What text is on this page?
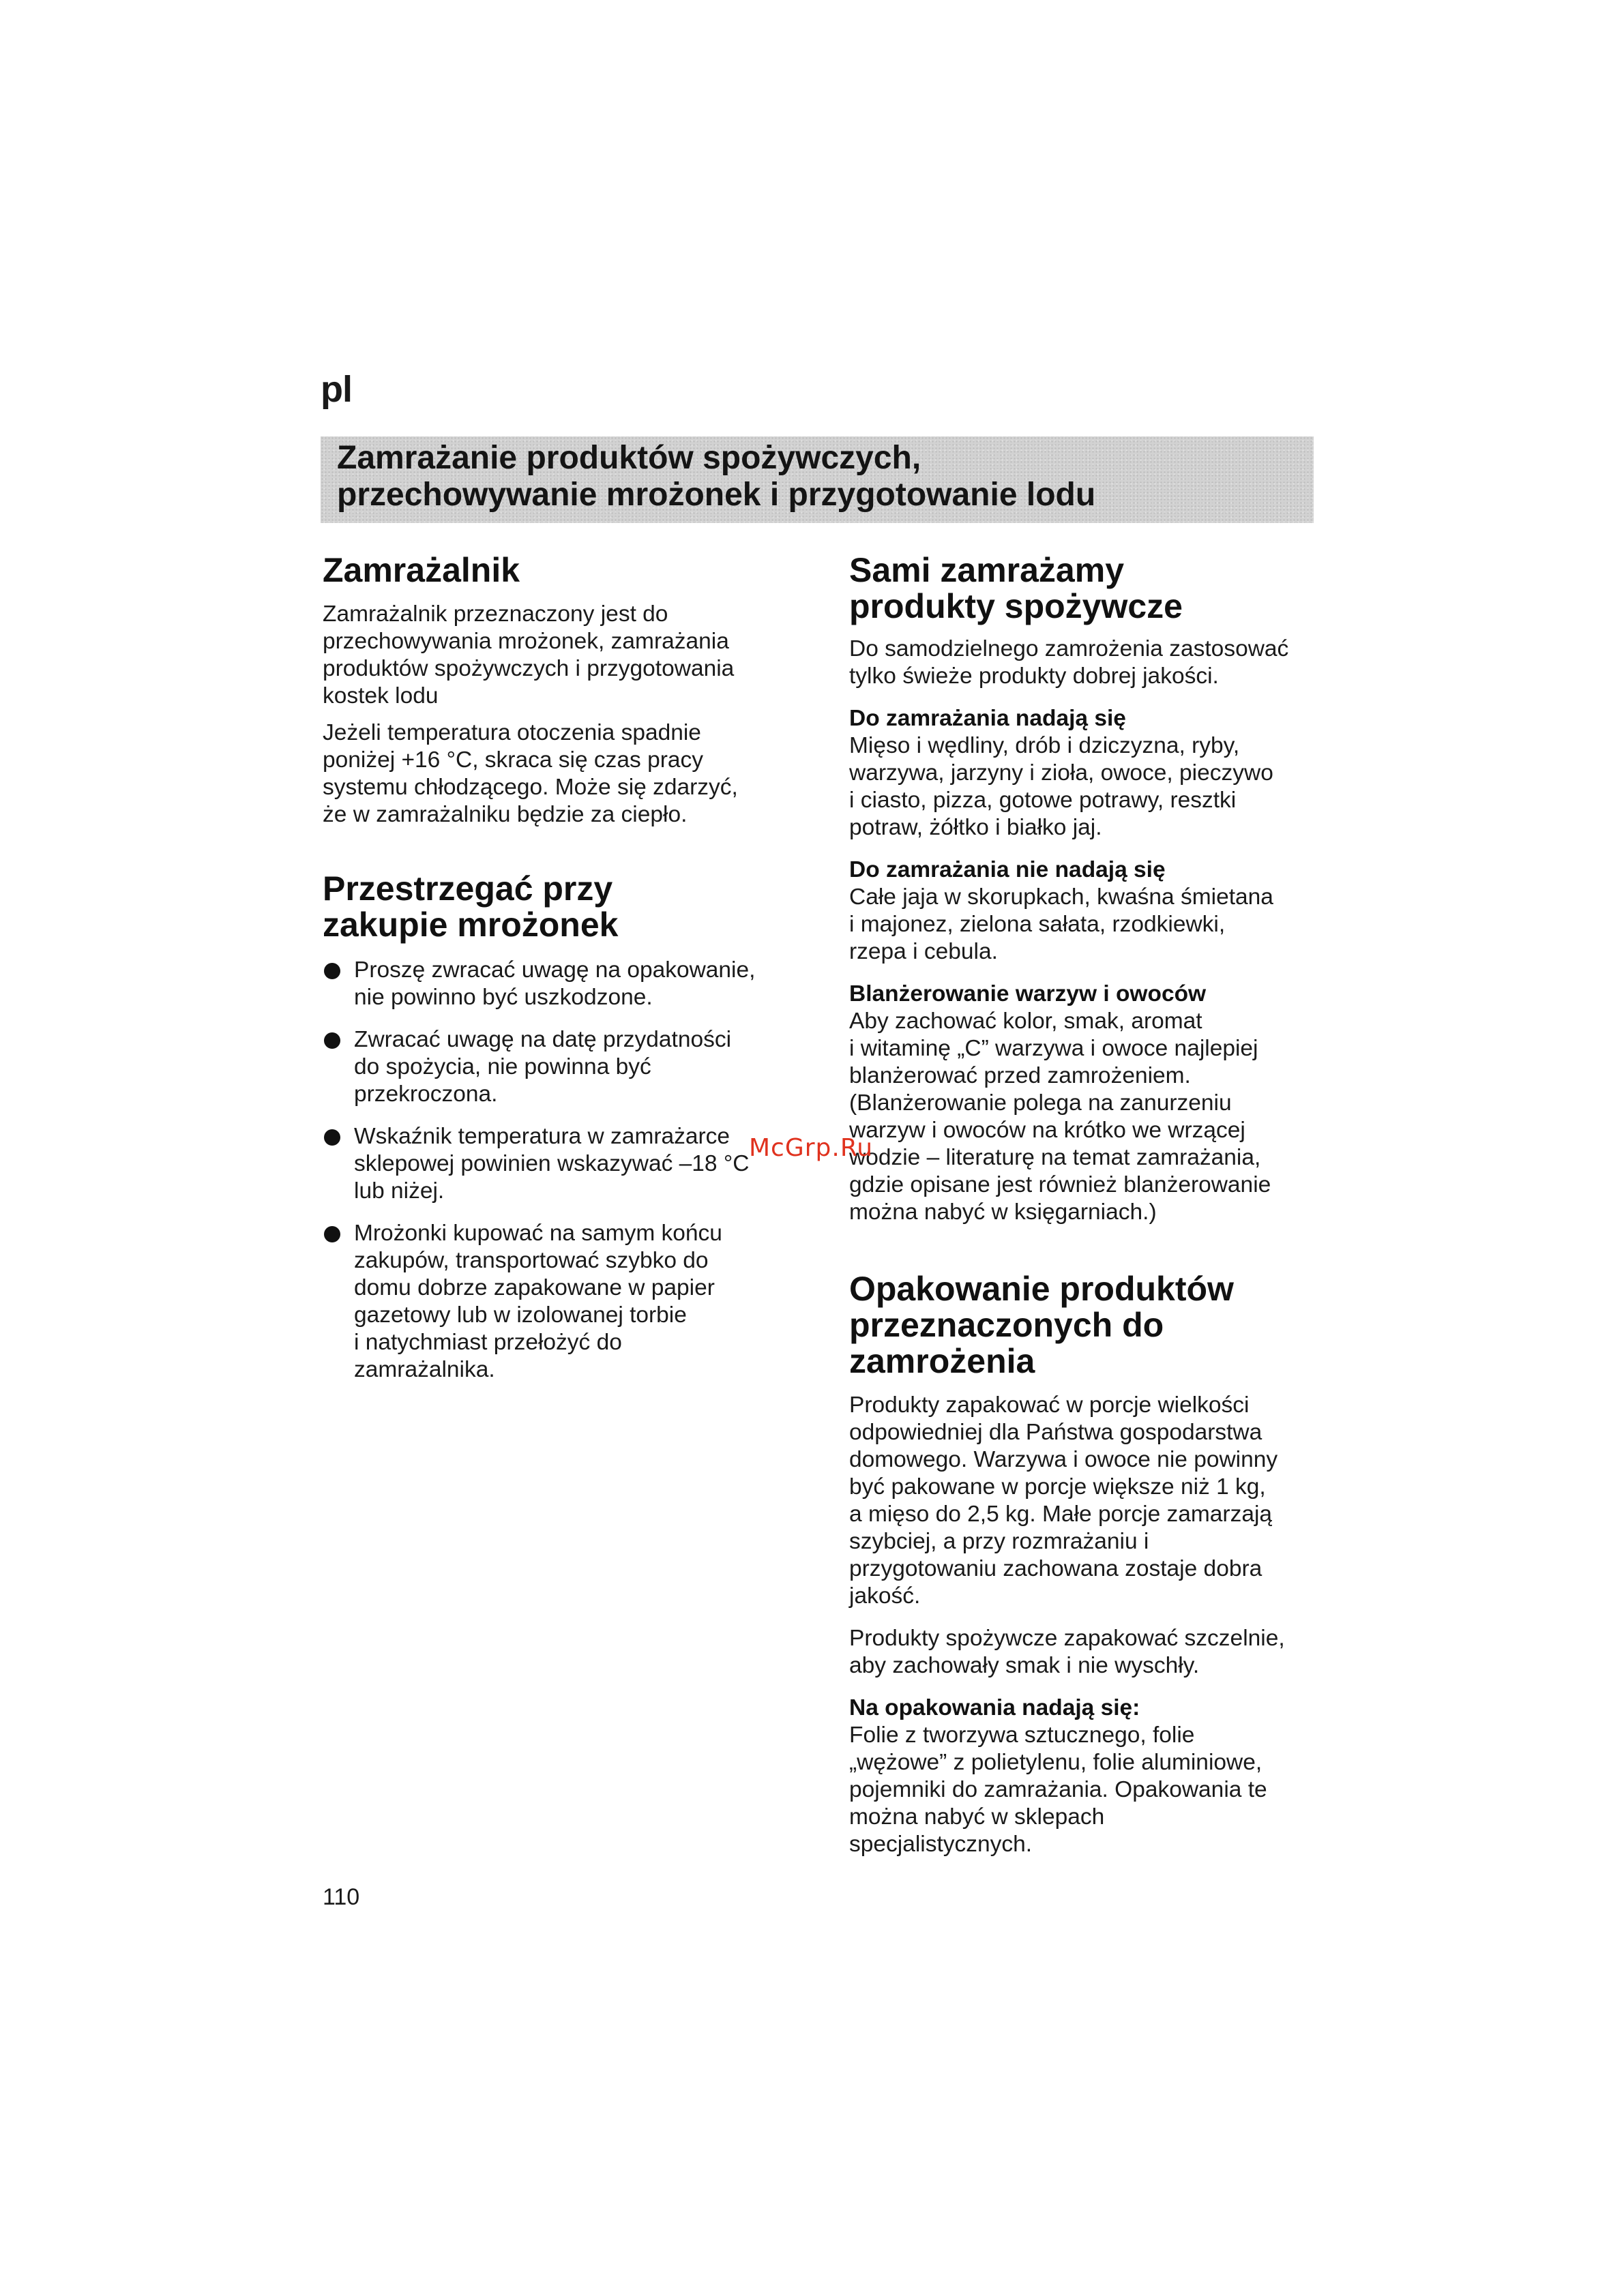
pl
Zamrażanie produktów spożywczych,
przechowywanie mrożonek i przygotowanie lodu
Zamrażalnik
Zamrażalnik przeznaczony jest do
przechowywania mrożonek, zamrażania
produktów spożywczych i przygotowania
kostek lodu
Jeżeli temperatura otoczenia spadnie
poniżej +16 °C, skraca się czas pracy
systemu chłodzącego. Może się zdarzyć,
że w zamrażalniku będzie za ciepło.
Przestrzegać przy
zakupie mrożonek
Proszę zwracać uwagę na opakowanie,
nie powinno być uszkodzone.
Zwracać uwagę na datę przydatności
do spożycia, nie powinna być
przekroczona.
Wskaźnik temperatura w zamrażarce
sklepowej powinien wskazywać –18 °C
lub niżej.
Mrożonki kupować na samym końcu
zakupów, transportować szybko do
domu dobrze zapakowane w papier
gazetowy lub w izolowanej torbie
i natychmiast przełożyć do
zamrażalnika.
Sami zamrażamy
produkty spożywcze
Do samodzielnego zamrożenia zastosować
tylko świeże produkty dobrej jakości.
Do zamrażania nadają się
Mięso i wędliny, drób i dziczyzna, ryby,
warzywa, jarzyny i zioła, owoce, pieczywo
i ciasto, pizza, gotowe potrawy, resztki
potraw, żółtko i białko jaj.
Do zamrażania nie nadają się
Całe jaja w skorupkach, kwaśna śmietana
i majonez, zielona sałata, rzodkiewki,
rzepa i cebula.
Blanżerowanie warzyw i owoców
Aby zachować kolor, smak, aromat
i witaminę „C” warzywa i owoce najlepiej
blanżerować przed zamrożeniem.
(Blanżerowanie polega na zanurzeniu
warzyw i owoców na krótko we wrzącej
wodzie – literaturę na temat zamrażania,
gdzie opisane jest również blanżerowanie
można nabyć w księgarniach.)
Opakowanie produktów
przeznaczonych do
zamrożenia
Produkty zapakować w porcje wielkości
odpowiedniej dla Państwa gospodarstwa
domowego. Warzywa i owoce nie powinny
być pakowane w porcje większe niż 1 kg,
a mięso do 2,5 kg. Małe porcje zamarzają
szybciej, a przy rozmrażaniu i
przygotowaniu zachowana zostaje dobra
jakość.
Produkty spożywcze zapakować szczelnie,
aby zachowały smak i nie wyschły.
Na opakowania nadają się:
Folie z tworzywa sztucznego, folie
„wężowe” z polietylenu, folie aluminiowe,
pojemniki do zamrażania. Opakowania te
można nabyć w sklepach
specjalistycznych.
110
McGrp.Ru
